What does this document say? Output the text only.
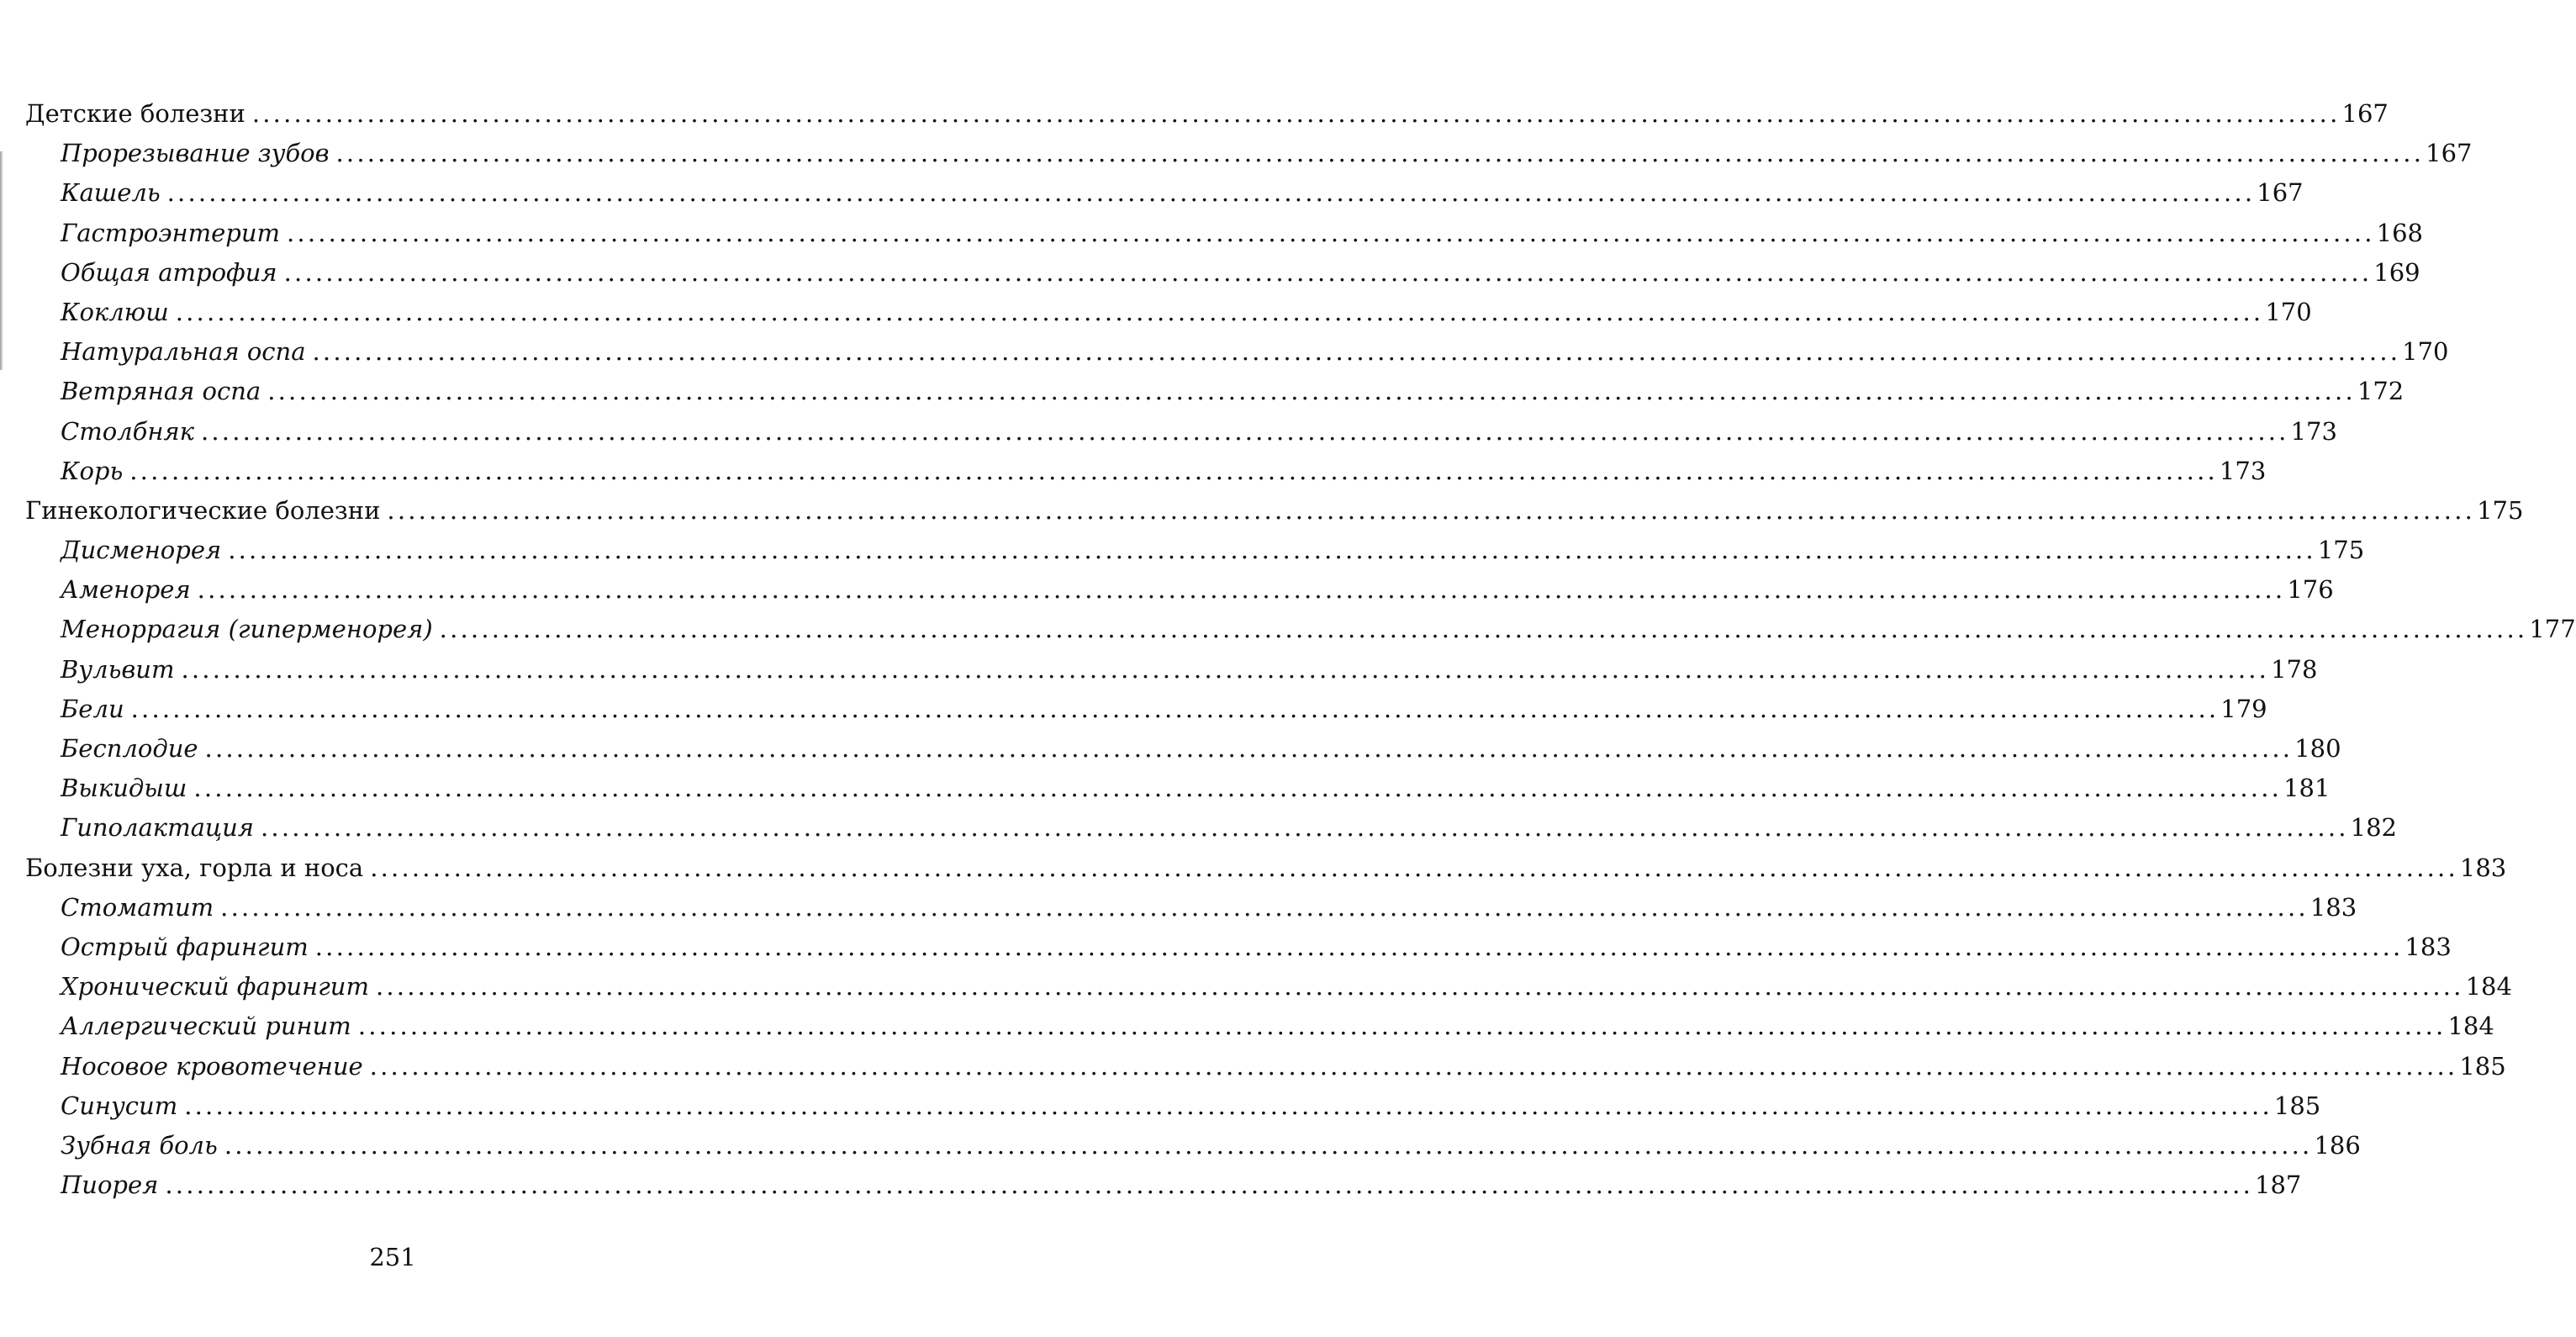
Детские болезни ........................................................................................................................................................................................................ 167
Прорезывание зубов ........................................................................................................................................................................................................ 167
Кашель ........................................................................................................................................................................................................ 167
Гастроэнтерит ........................................................................................................................................................................................................ 168
Общая атрофия ........................................................................................................................................................................................................ 169
Коклюш ........................................................................................................................................................................................................ 170
Натуральная оспа ........................................................................................................................................................................................................ 170
Ветряная оспа ........................................................................................................................................................................................................ 172
Столбняк ........................................................................................................................................................................................................ 173
Корь ........................................................................................................................................................................................................ 173
Гинекологические болезни ........................................................................................................................................................................................................ 175
Дисменорея ........................................................................................................................................................................................................ 175
Аменорея ........................................................................................................................................................................................................ 176
Меноррагия (гиперменорея) ........................................................................................................................................................................................................ 177
Вульвит ........................................................................................................................................................................................................ 178
Бели ........................................................................................................................................................................................................ 179
Бесплодие ........................................................................................................................................................................................................ 180
Выкидыш ........................................................................................................................................................................................................ 181
Гиполактация ........................................................................................................................................................................................................ 182
Болезни уха, горла и носа ........................................................................................................................................................................................................ 183
Стоматит ........................................................................................................................................................................................................ 183
Острый фарингит ........................................................................................................................................................................................................ 183
Хронический фарингит ........................................................................................................................................................................................................ 184
Аллергический ринит ........................................................................................................................................................................................................ 184
Носовое кровотечение ........................................................................................................................................................................................................ 185
Синусит ........................................................................................................................................................................................................ 185
Зубная боль ........................................................................................................................................................................................................ 186
Пиорея ........................................................................................................................................................................................................ 187
251
